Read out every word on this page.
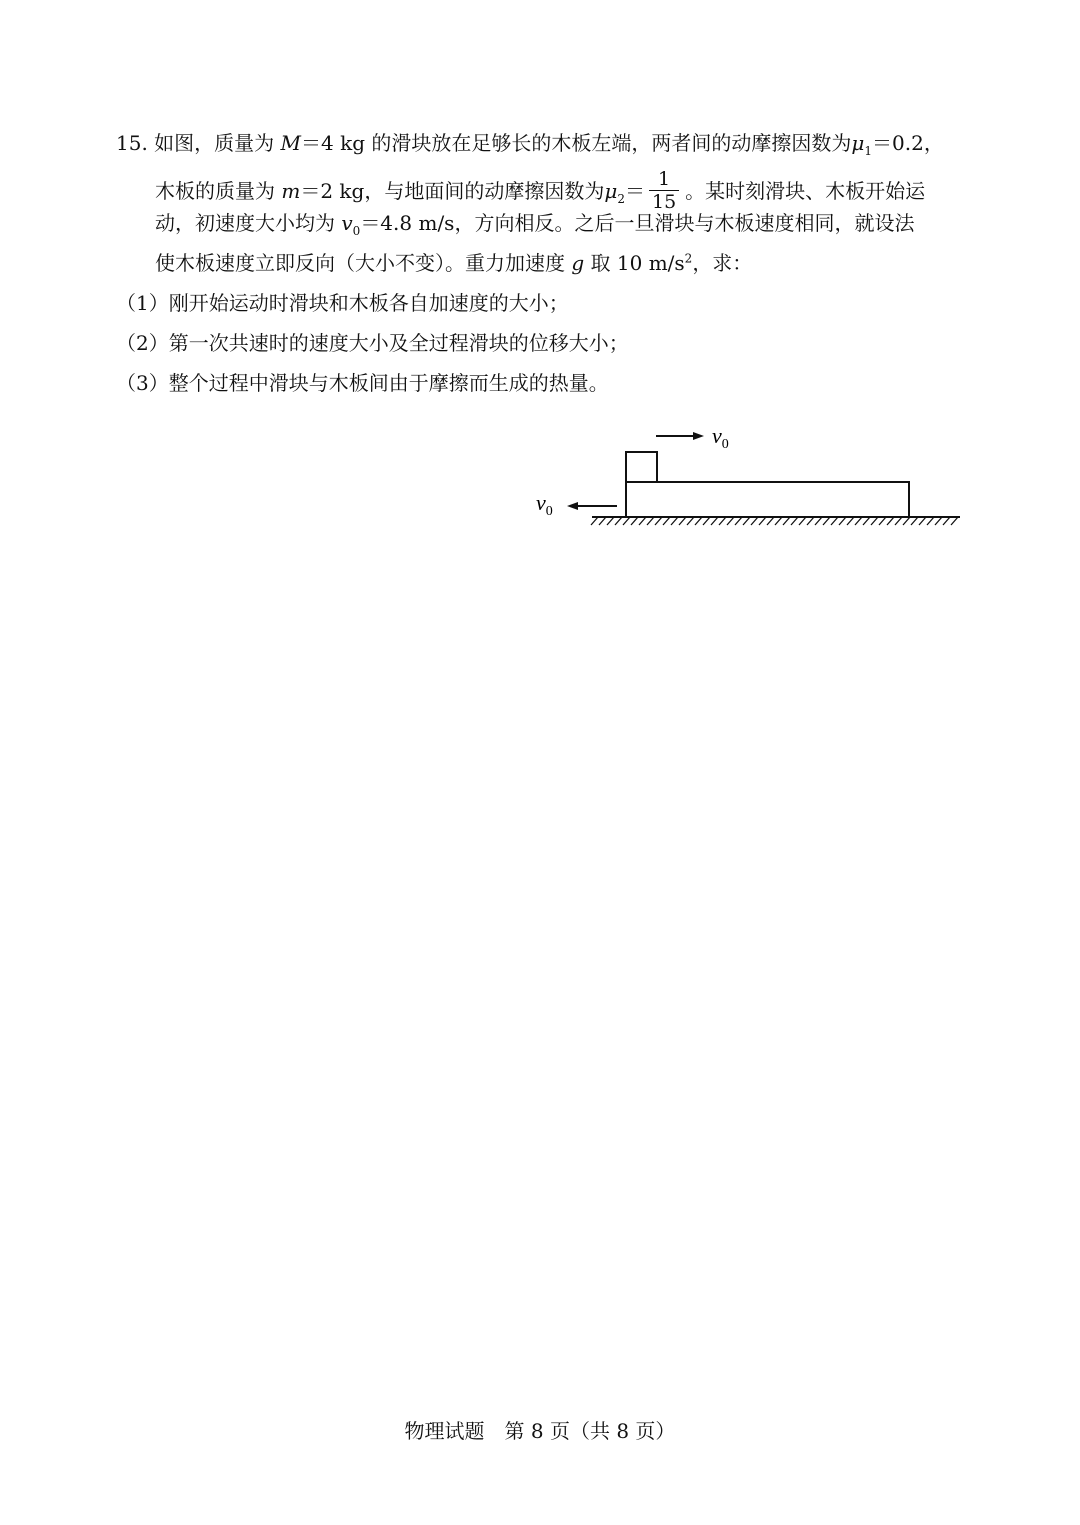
15. 如图，质量为 M＝4 kg 的滑块放在足够长的木板左端，两者间的动摩擦因数为$\mu_1=0.2$，
木板的质量为 m＝2 kg，与地面间的动摩擦因数为$\mu_2= \frac{1}{15}$ 。某时刻滑块、木板开始运
动，初速度大小均为 $v_0=4.8$ m/s，方向相反。之后一旦滑块与木板速度相同，就设法
使木板速度立即反向（大小不变）。重力加速度 g 取 10 $m/s^2$，求：
（1）刚开始运动时滑块和木板各自加速度的大小；
（2）第一次共速时的速度大小及全过程滑块的位移大小；
（3）整个过程中滑块与木板间由于摩擦而生成的热量。
$v_0$
$v_0$
物理试题　第 8 页（共 8 页）
